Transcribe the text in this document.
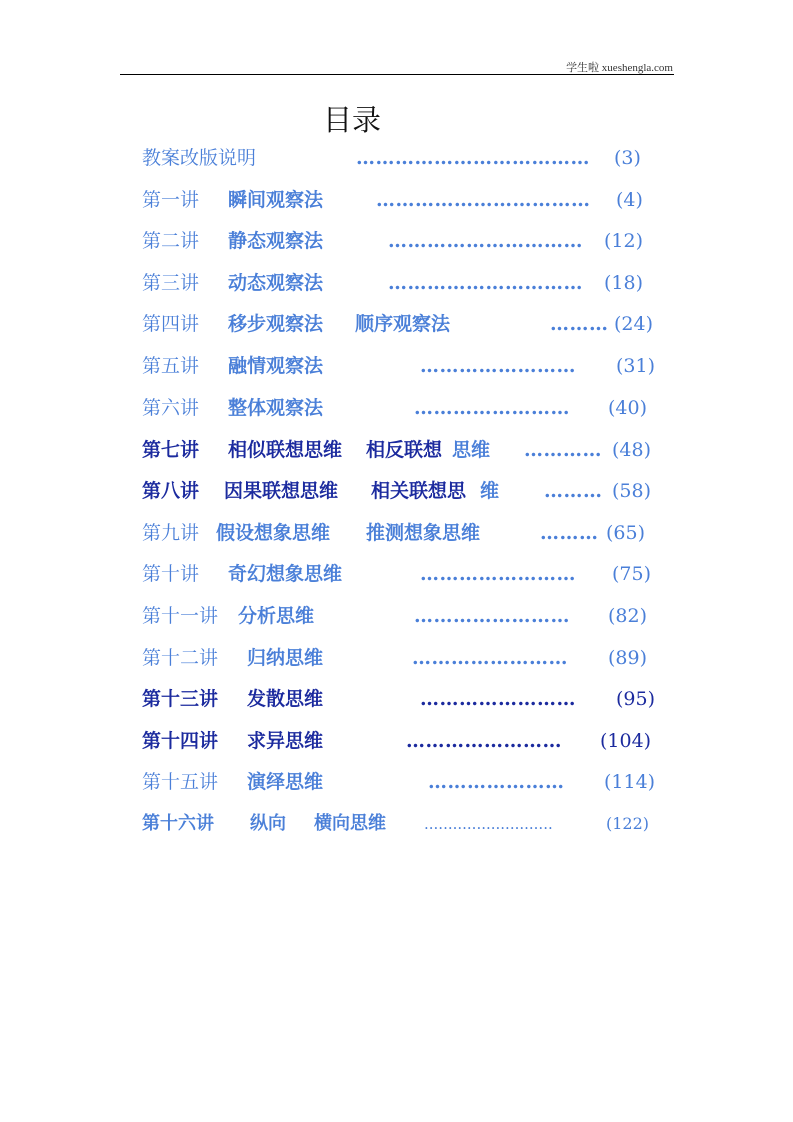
学生啦 xueshengla.com
目录
教案改版说明	……………………………… (3)
第一讲 瞬间观察法	…………………………… (4)
第二讲 静态观察法	………………………… (12)
第三讲 动态观察法	………………………… (18)
第四讲 移步观察法 顺序观察法	……… (24)
第五讲 融情观察法	…………………… (31)
第六讲 整体观察法	…………………… (40)
第七讲 相似联想思维 相反联想 思维 ………… (48)
第八讲 因果联想思维 相关联想思 维 ……… (58)
第九讲 假设想象思维 推测想象思维	……… (65)
第十讲 奇幻想象思维	…………………… (75)
第十一讲 分析思维	…………………… (82)
第十二讲 归纳思维	…………………… (89)
第十三讲 发散思维	…………………… (95)
第十四讲 求异思维	…………………… (104)
第十五讲 演绎思维	………………… (114)
第十六讲 纵向 横向思维	...........................	(122)
